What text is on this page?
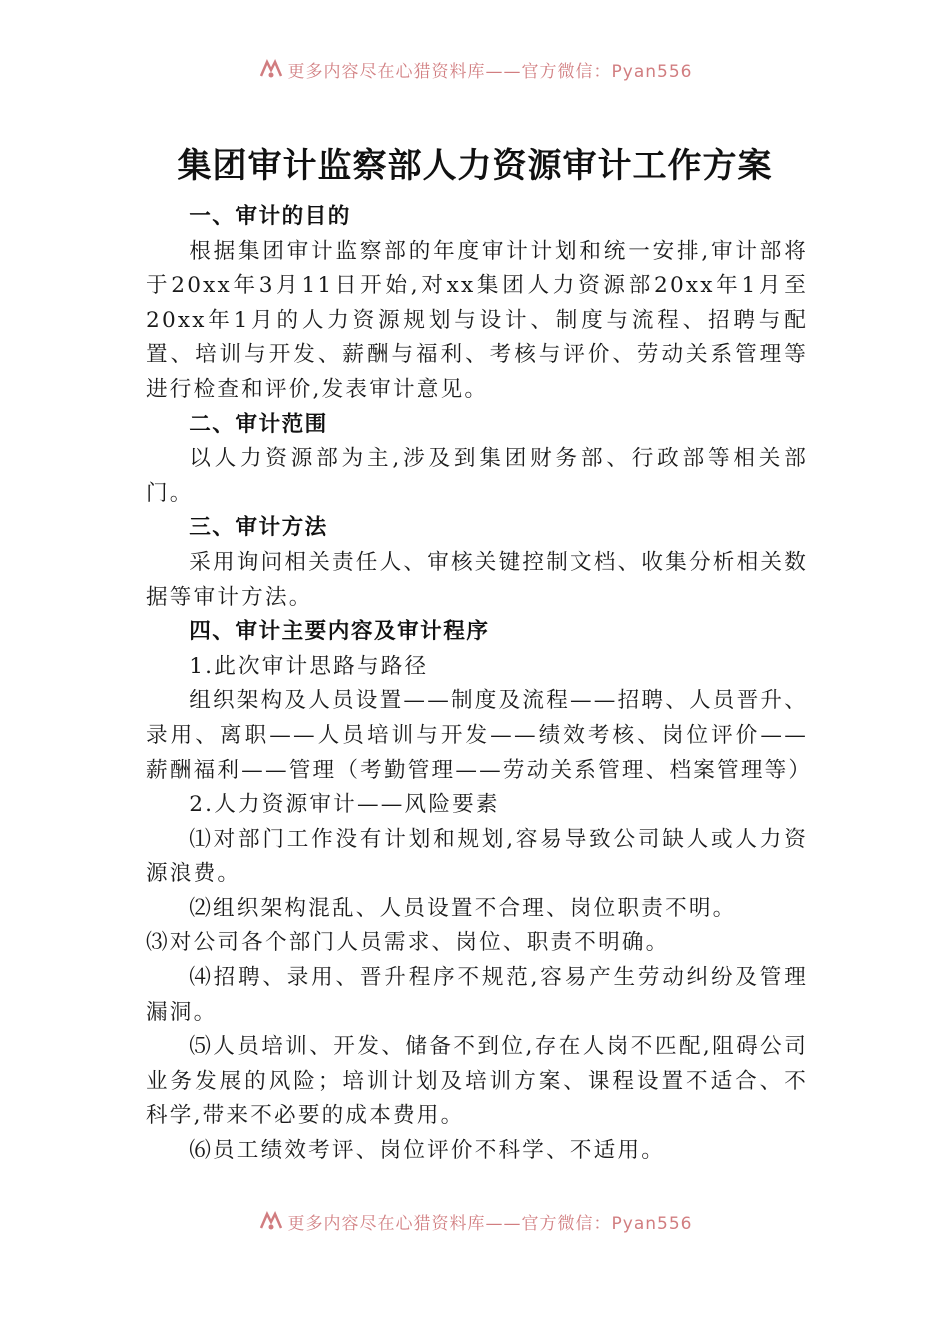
更多内容尽在心猎资料库——官方微信：Pyan556
集团审计监察部人力资源审计工作方案
一、审计的目的

根据集团审计监察部的年度审计计划和统一安排,审计部将于20xx年3月11日开始,对xx集团人力资源部20xx年1月至20xx年1月的人力资源规划与设计、制度与流程、招聘与配置、培训与开发、薪酬与福利、考核与评价、劳动关系管理等进行检查和评价,发表审计意见。

二、审计范围

以人力资源部为主,涉及到集团财务部、行政部等相关部门。

三、审计方法

采用询问相关责任人、审核关键控制文档、收集分析相关数据等审计方法。

四、审计主要内容及审计程序

1.此次审计思路与路径

组织架构及人员设置——制度及流程——招聘、人员晋升、录用、离职——人员培训与开发——绩效考核、岗位评价——薪酬福利——管理（考勤管理——劳动关系管理、档案管理等）

2.人力资源审计——风险要素

⑴对部门工作没有计划和规划,容易导致公司缺人或人力资源浪费。

⑵组织架构混乱、人员设置不合理、岗位职责不明。

⑶对公司各个部门人员需求、岗位、职责不明确。

⑷招聘、录用、晋升程序不规范,容易产生劳动纠纷及管理漏洞。

⑸人员培训、开发、储备不到位,存在人岗不匹配,阻碍公司业务发展的风险；培训计划及培训方案、课程设置不适合、不科学,带来不必要的成本费用。

⑹员工绩效考评、岗位评价不科学、不适用。

更多内容尽在心猎资料库——官方微信：Pyan556
